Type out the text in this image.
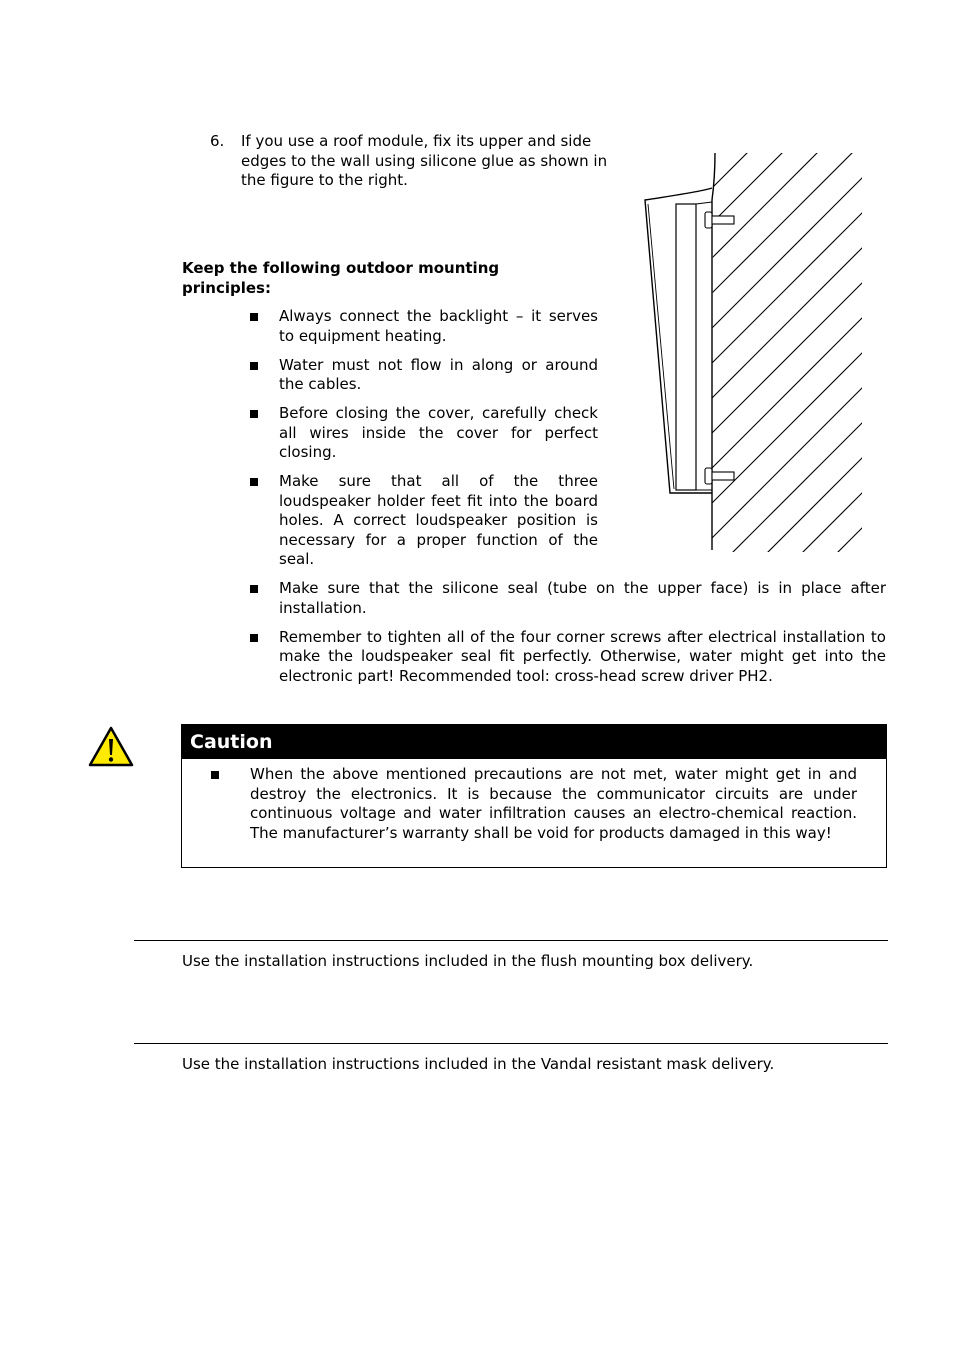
6. If you use a roof module, fix its upper and side edges to the wall using silicone glue as shown in the figure to the right.
Keep the following outdoor mounting principles:
Always connect the backlight – it serves to equipment heating.
Water must not flow in along or around the cables.
Before closing the cover, carefully check all wires inside the cover for perfect closing.
Make sure that all of the three loudspeaker holder feet fit into the board holes. A correct loudspeaker position is necessary for a proper function of the seal.
Make sure that the silicone seal (tube on the upper face) is in place after installation.
Remember to tighten all of the four corner screws after electrical installation to make the loudspeaker seal fit perfectly. Otherwise, water might get into the electronic part! Recommended tool: cross-head screw driver PH2.
Caution
When the above mentioned precautions are not met, water might get in and destroy the electronics. It is because the communicator circuits are under continuous voltage and water infiltration causes an electro-chemical reaction. The manufacturer’s warranty shall be void for products damaged in this way!
Use the installation instructions included in the flush mounting box delivery.
Use the installation instructions included in the Vandal resistant mask delivery.
